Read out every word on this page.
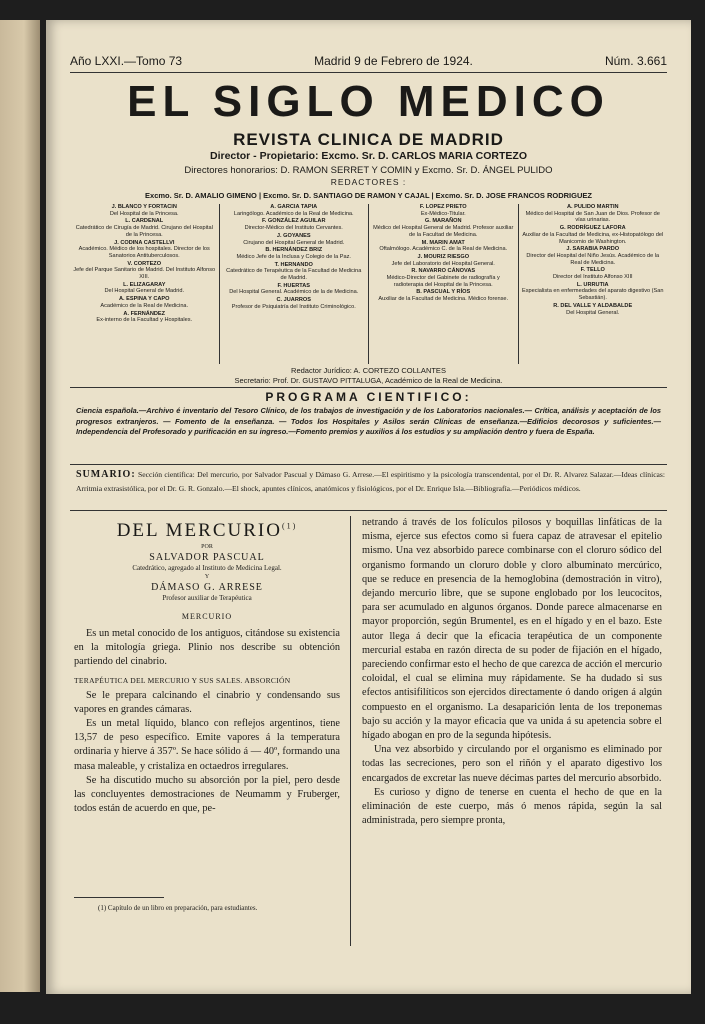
Año LXXI.—Tomo 73	Madrid 9 de Febrero de 1924.	Núm. 3.661
EL SIGLO MEDICO
REVISTA CLINICA DE MADRID
Director - Propietario: Excmo. Sr. D. CARLOS MARIA CORTEZO
Directores honorarios: D. RAMON SERRET Y COMIN y Excmo. Sr. D. ÁNGEL PULIDO
REDACTORES :
Excmo. Sr. D. AMALIO GIMENO | Excmo. Sr. D. SANTIAGO DE RAMON Y CAJAL | Excmo. Sr. D. JOSE FRANCOS RODRIGUEZ
J. BLANCO Y FORTACIN
Del Hospital de la Princesa.
L. CARDENAL
Catedrático de Cirugía de Madrid. Cirujano del Hospital de la Princesa.
J. CODINA CASTELLVI
Académico. Médico de los hospitales. Director de los Sanatorios Antituberculosos.
V. CORTEZO
Jefe del Parque Sanitario de Madrid. Del Instituto Alfonso XIII.
L. ELIZAGARAY
Del Hospital General de Madrid.
A. ESPINA Y CAPO
Académico de la Real de Medicina.
A. FERNÁNDEZ
Ex-interno de la Facultad y Hospitales.
A. GARCÍA TAPIA
Laringólogo. Académico de la Real de Medicina.
F. GONZÁLEZ AGUILAR
Director-Médico del Instituto Cervantes.
J. GOYANES
Cirujano del Hospital General de Madrid.
B. HERNÁNDEZ BRIZ
Médico Jefe de la Inclusa y Colegio de la Paz.
T. HERNANDO
Catedrático de Terapéutica de la Facultad de Medicina de Madrid.
F. HUERTAS
Del Hospital General. Académico de la de Medicina.
C. JUARROS
Profesor de Psiquiatría del Instituto Criminológico.
F. LOPEZ PRIETO
Ex-Médico-Titular.
G. MARAÑON
Médico del Hospital General de Madrid. Profesor auxiliar de la Facultad de Medicina.
M. MARIN AMAT
Oftalmólogo. Académico C. de la Real de Medicina.
J. MOURIZ RIESGO
Jefe del Laboratorio del Hospital General.
R. NAVARRO CÁNOVAS
Médico-Director del Gabinete de radiografía y radioterapia del Hospital de la Princesa.
B. PASCUAL Y RÍOS
Auxiliar de la Facultad de Medicina. Médico forense.
A. PULIDO MARTÍN
Médico del Hospital de San Juan de Dios. Profesor de vías urinarias.
G. RODRÍGUEZ LAFORA
Auxiliar de la Facultad de Medicina, ex-Histopatólogo del Manicomio de Washington.
J. SARABIA PARDO
Director del Hospital del Niño Jesús. Académico de la Real de Medicina.
F. TELLO
Director del Instituto Alfonso XIII
L. URRUTIA
Especialista en enfermedades del aparato digestivo (San Sebastián).
R. DEL VALLE Y ALDABALDE
Del Hospital General.
Redactor Jurídico: A. CORTEZO COLLANTES
Secretario: Prof. Dr. GUSTAVO PITTALUGA, Académico de la Real de Medicina.
PROGRAMA CIENTIFICO:
Ciencia española.—Archivo é inventario del Tesoro Clínico, de los trabajos de investigación y de los Laboratorios nacionales.— Crítica, análisis y aceptación de los progresos extranjeros. — Fomento de la enseñanza. — Todos los Hospitales y Asilos serán Clínicas de enseñanza.—Edificios decorosos y suficientes.—Independencia del Profesorado y purificación en su ingreso.—Fomento premios y auxilios á los estudios y su ampliación dentro y fuera de España.
SUMARIO: Sección científica: Del mercurio, por Salvador Pascual y Dámaso G. Arrese.—El espiritismo y la psicología transcendental, por el Dr. R. Alvarez Salazar.—Ideas clínicas: Arritmia extrasistólica, por el Dr. G. R. Gonzalo.—El shock, apuntes clínicos, anatómicos y fisiológicos, por el Dr. Enrique Isla.—Bibliografía.—Periódicos médicos.
DEL MERCURIO$^{(1)}$
POR
SALVADOR PASCUAL
Catedrático, agregado al Instituto de Medicina Legal.
Y
DÁMASO G. ARRESE
Profesor auxiliar de Terapéutica
MERCURIO

Es un metal conocido de los antiguos, citándose su existencia en la mitología griega. Plinio nos describe su obtención partiendo del cinabrio.

TERAPÉUTICA DEL MERCURIO Y SUS SALES. ABSORCIÓN

Se le prepara calcinando el cinabrio y condensando sus vapores en grandes cámaras.

Es un metal líquido, blanco con reflejos argentinos, tiene 13,57 de peso específico. Emite vapores á la temperatura ordinaria y hierve á 357º. Se hace sólido á — 40º, formando una masa maleable, y cristaliza en octaedros irregulares.

Se ha discutido mucho su absorción por la piel, pero desde las concluyentes demostraciones de Neumamm y Fruberger, todos están de acuerdo en que, pe-

(1) Capítulo de un libro en preparación, para estudiantes.

netrando á través de los folículos pilosos y boquillas linfáticas de la misma, ejerce sus efectos como si fuera capaz de atravesar el epitelio mismo. Una vez absorbido parece combinarse con el cloruro sódico del organismo formando un cloruro doble y cloro albuminato mercúrico, que se reduce en presencia de la hemoglobina (demostración in vitro), dejando mercurio libre, que se supone englobado por los leucocitos, para ser acumulado en algunos órganos. Donde parece almacenarse en mayor proporción, según Brumentel, es en el hígado y en el bazo. Este autor llega á decir que la eficacia terapéutica de un componente mercurial estaba en razón directa de su poder de fijación en el hígado, pareciendo confirmar esto el hecho de que carezca de acción el mercurio coloidal, el cual se elimina muy rápidamente. Se ha dudado si sus efectos antisifilíticos son ejercidos directamente ó dando origen á algún compuesto en el organismo. La desaparición lenta de los treponemas bajo su acción y la mayor eficacia que va unida á su apetencia sobre el hígado abogan en pro de la segunda hipótesis.

Una vez absorbido y circulando por el organismo es eliminado por todas las secreciones, pero son el riñón y el aparato digestivo los encargados de excretar las nueve décimas partes del mercurio absorbido.

Es curioso y digno de tenerse en cuenta el hecho de que en la eliminación de este cuerpo, más ó menos rápida, según la sal administrada, pero siempre pronta,
